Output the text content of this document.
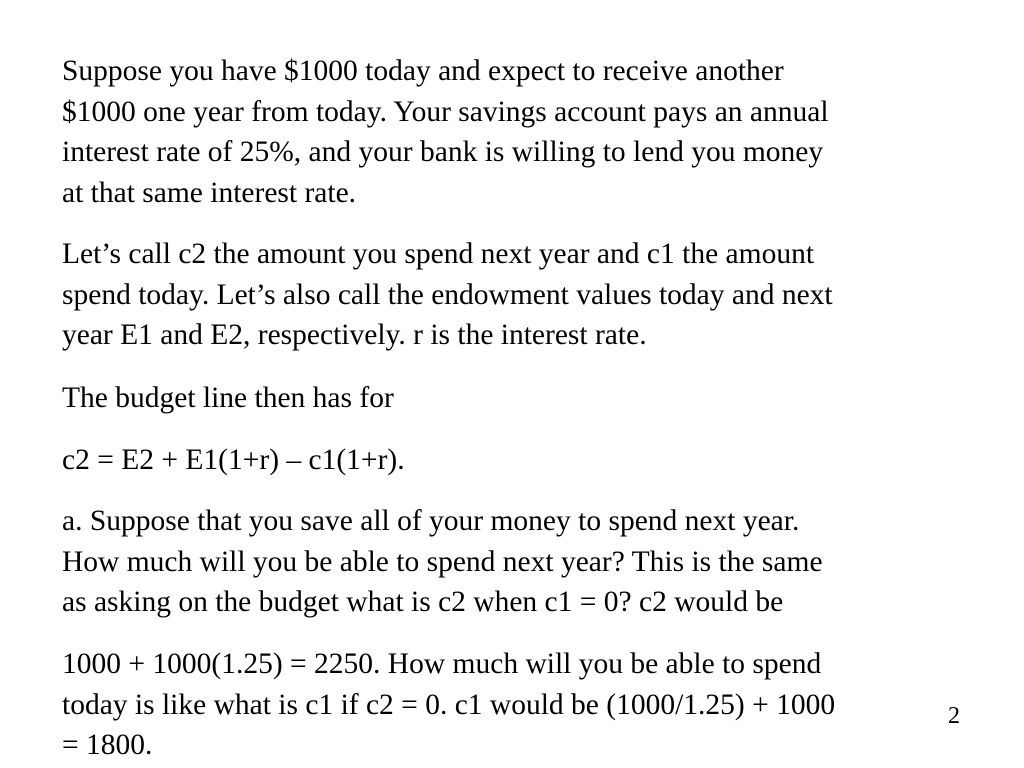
Suppose you have $1000 today and expect to receive another
$1000 one year from today. Your savings account pays an annual
interest rate of 25%, and your bank is willing to lend you money
at that same interest rate.

Let’s call c2 the amount you spend next year and c1 the amount
spend today. Let’s also call the endowment values today and next
year E1 and E2, respectively. r is the interest rate.

The budget line then has for

c2 = E2 + E1(1+r) – c1(1+r).

a. Suppose that you save all of your money to spend next year.
How much will you be able to spend next year? This is the same
as asking on the budget what is c2 when c1 = 0? c2 would be

1000 + 1000(1.25) = 2250. How much will you be able to spend
today is like what is c1 if c2 = 0. c1 would be (1000/1.25) + 1000
= 1800.

2
